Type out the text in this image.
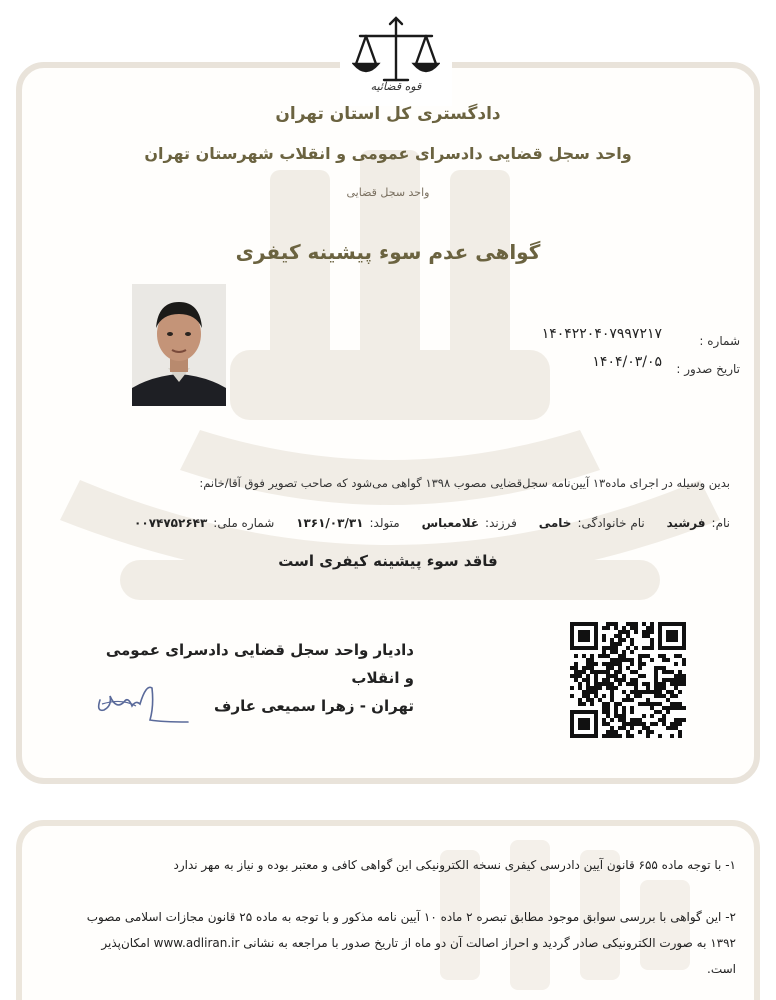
قوه قضائیه
دادگستری کل استان تهران
واحد سجل قضایی دادسرای عمومی و انقلاب شهرستان تهران
واحد سجل قضایی
گواهی عدم سوء پیشینه کیفری
شماره :
۱۴۰۴۲۲۰۴۰۷۹۹۷۲۱۷
تاریخ صدور :
۱۴۰۴/۰۳/۰۵
بدین وسیله در اجرای ماده۱۳ آیین‌نامه سجل‌قضایی مصوب ۱۳۹۸ گواهی می‌شود که صاحب تصویر فوق آقا/خانم:
نام:فرشید نام خانوادگی:خامی فرزند:غلامعباس متولد:۱۳۶۱/۰۳/۳۱ شماره ملی:۰۰۷۴۷۵۲۶۴۳
فاقد سوء پیشینه کیفری است
دادیار واحد سجل قضایی دادسرای عمومی و انقلاب
تهران - زهرا سمیعی عارف
۱- با توجه ماده ۶۵۵ قانون آیین دادرسی کیفری نسخه الکترونیکی این گواهی کافی و معتبر بوده و نیاز به مهر ندارد
۲- این گواهی با بررسی سوابق موجود مطابق تبصره ۲ ماده ۱۰ آیین نامه مذکور و با توجه به ماده ۲۵ قانون مجازات اسلامی مصوب
۱۳۹۲ به صورت الکترونیکی صادر گردید و احراز اصالت آن دو ماه از تاریخ صدور با مراجعه به نشانی www.adliran.ir امکان‌پذیر
است.
